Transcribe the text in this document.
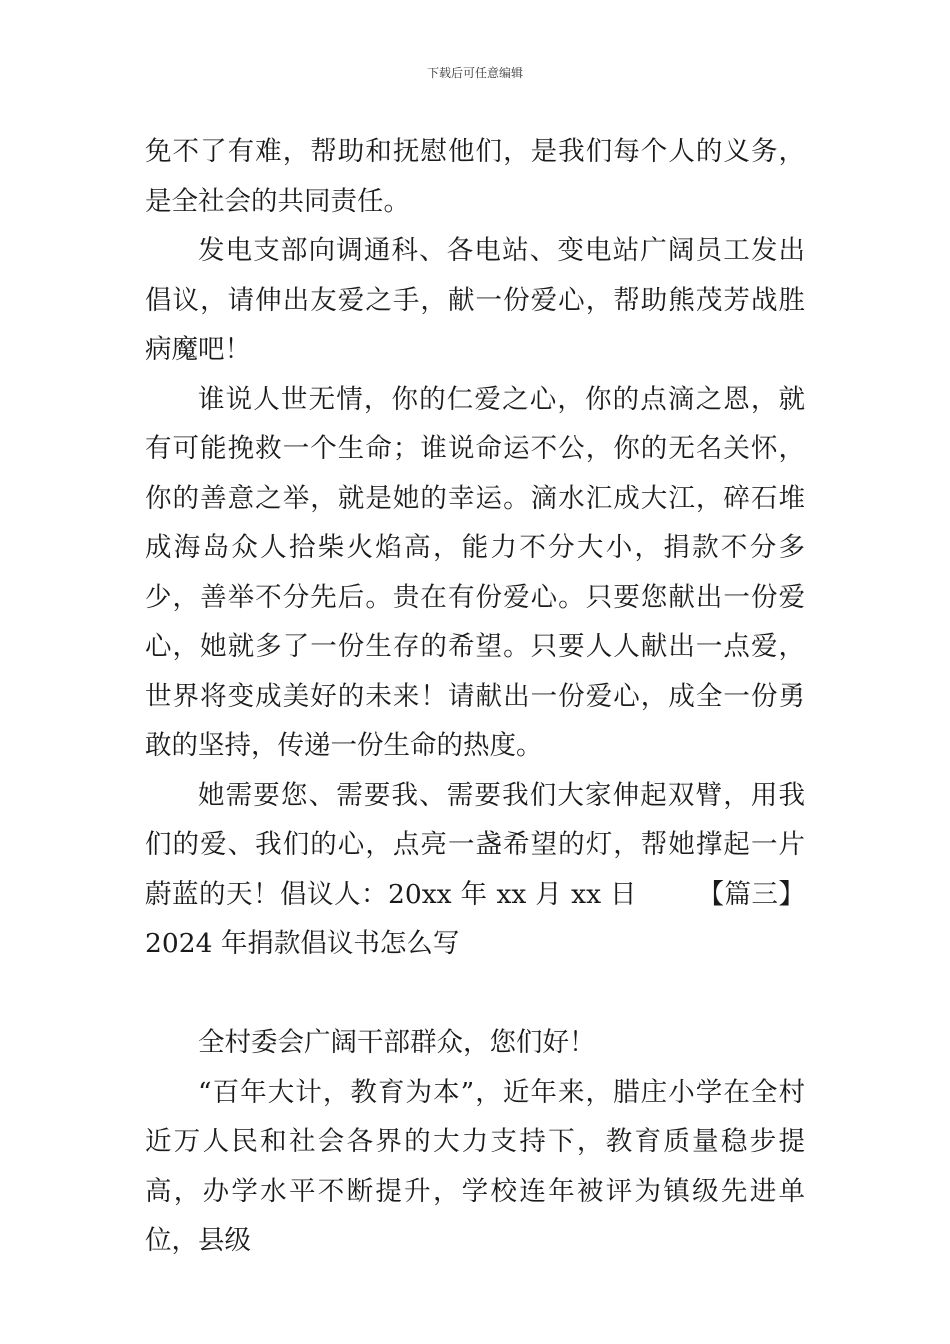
下载后可任意编辑

免不了有难，帮助和抚慰他们，是我们每个人的义务，是全社会的共同责任。

发电支部向调通科、各电站、变电站广阔员工发出倡议，请伸出友爱之手，献一份爱心，帮助熊茂芳战胜病魔吧！

谁说人世无情，你的仁爱之心，你的点滴之恩，就有可能挽救一个生命；谁说命运不公，你的无名关怀，你的善意之举，就是她的幸运。滴水汇成大江，碎石堆成海岛众人拾柴火焰高，能力不分大小，捐款不分多少，善举不分先后。贵在有份爱心。只要您献出一份爱心，她就多了一份生存的希望。只要人人献出一点爱，世界将变成美好的未来！请献出一份爱心，成全一份勇敢的坚持，传递一份生命的热度。

她需要您、需要我、需要我们大家伸起双臂，用我们的爱、我们的心，点亮一盏希望的灯，帮她撑起一片蔚蓝的天！倡议人：20xx 年 xx 月 xx 日 【篇三】2024 年捐款倡议书怎么写

全村委会广阔干部群众，您们好！

“百年大计，教育为本”，近年来，腊庄小学在全村近万人民和社会各界的大力支持下，教育质量稳步提高，办学水平不断提升，学校连年被评为镇级先进单位，县级
